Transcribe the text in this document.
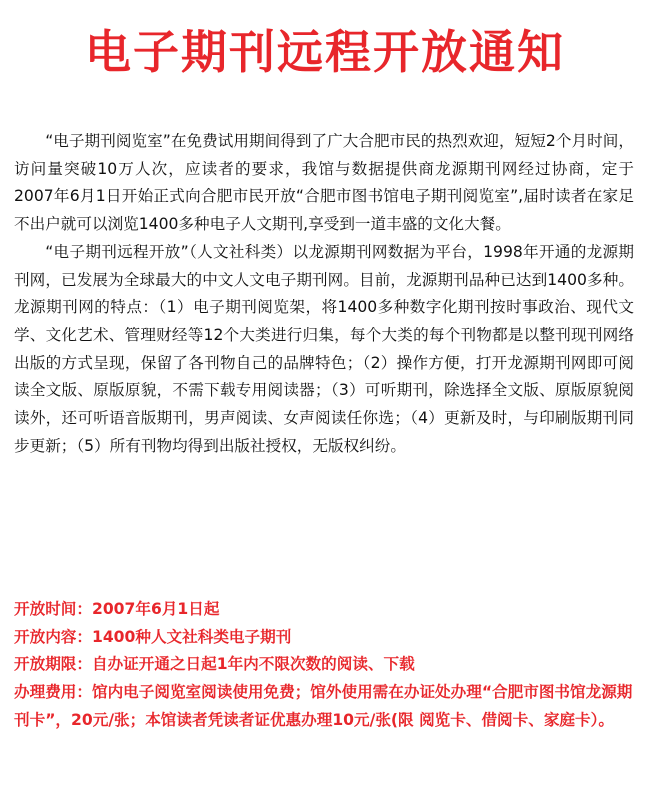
电子期刊远程开放通知

“电子期刊阅览室”在免费试用期间得到了广大合肥市民的热烈欢迎，短短2个月时间，访问量突破10万人次，应读者的要求，我馆与数据提供商龙源期刊网经过协商，定于2007年6月1日开始正式向合肥市民开放“合肥市图书馆电子期刊阅览室”,届时读者在家足不出户就可以浏览1400多种电子人文期刊,享受到一道丰盛的文化大餐。

“电子期刊远程开放”（人文社科类）以龙源期刊网数据为平台，1998年开通的龙源期刊网，已发展为全球最大的中文人文电子期刊网。目前，龙源期刊品种已达到1400多种。龙源期刊网的特点：（1）电子期刊阅览架，将1400多种数字化期刊按时事政治、现代文学、文化艺术、管理财经等12个大类进行归集，每个大类的每个刊物都是以整刊现刊网络出版的方式呈现，保留了各刊物自己的品牌特色；（2）操作方便，打开龙源期刊网即可阅读全文版、原版原貌，不需下载专用阅读器；（3）可听期刊，除选择全文版、原版原貌阅读外，还可听语音版期刊，男声阅读、女声阅读任你选；（4）更新及时，与印刷版期刊同步更新；（5）所有刊物均得到出版社授权，无版权纠纷。

开放时间：2007年6月1日起
开放内容：1400种人文社科类电子期刊
开放期限：自办证开通之日起1年内不限次数的阅读、下载
办理费用：馆内电子阅览室阅读使用免费；馆外使用需在办证处办理“合肥市图书馆龙源期刊卡”，20元/张；本馆读者凭读者证优惠办理10元/张(限 阅览卡、借阅卡、家庭卡）。
